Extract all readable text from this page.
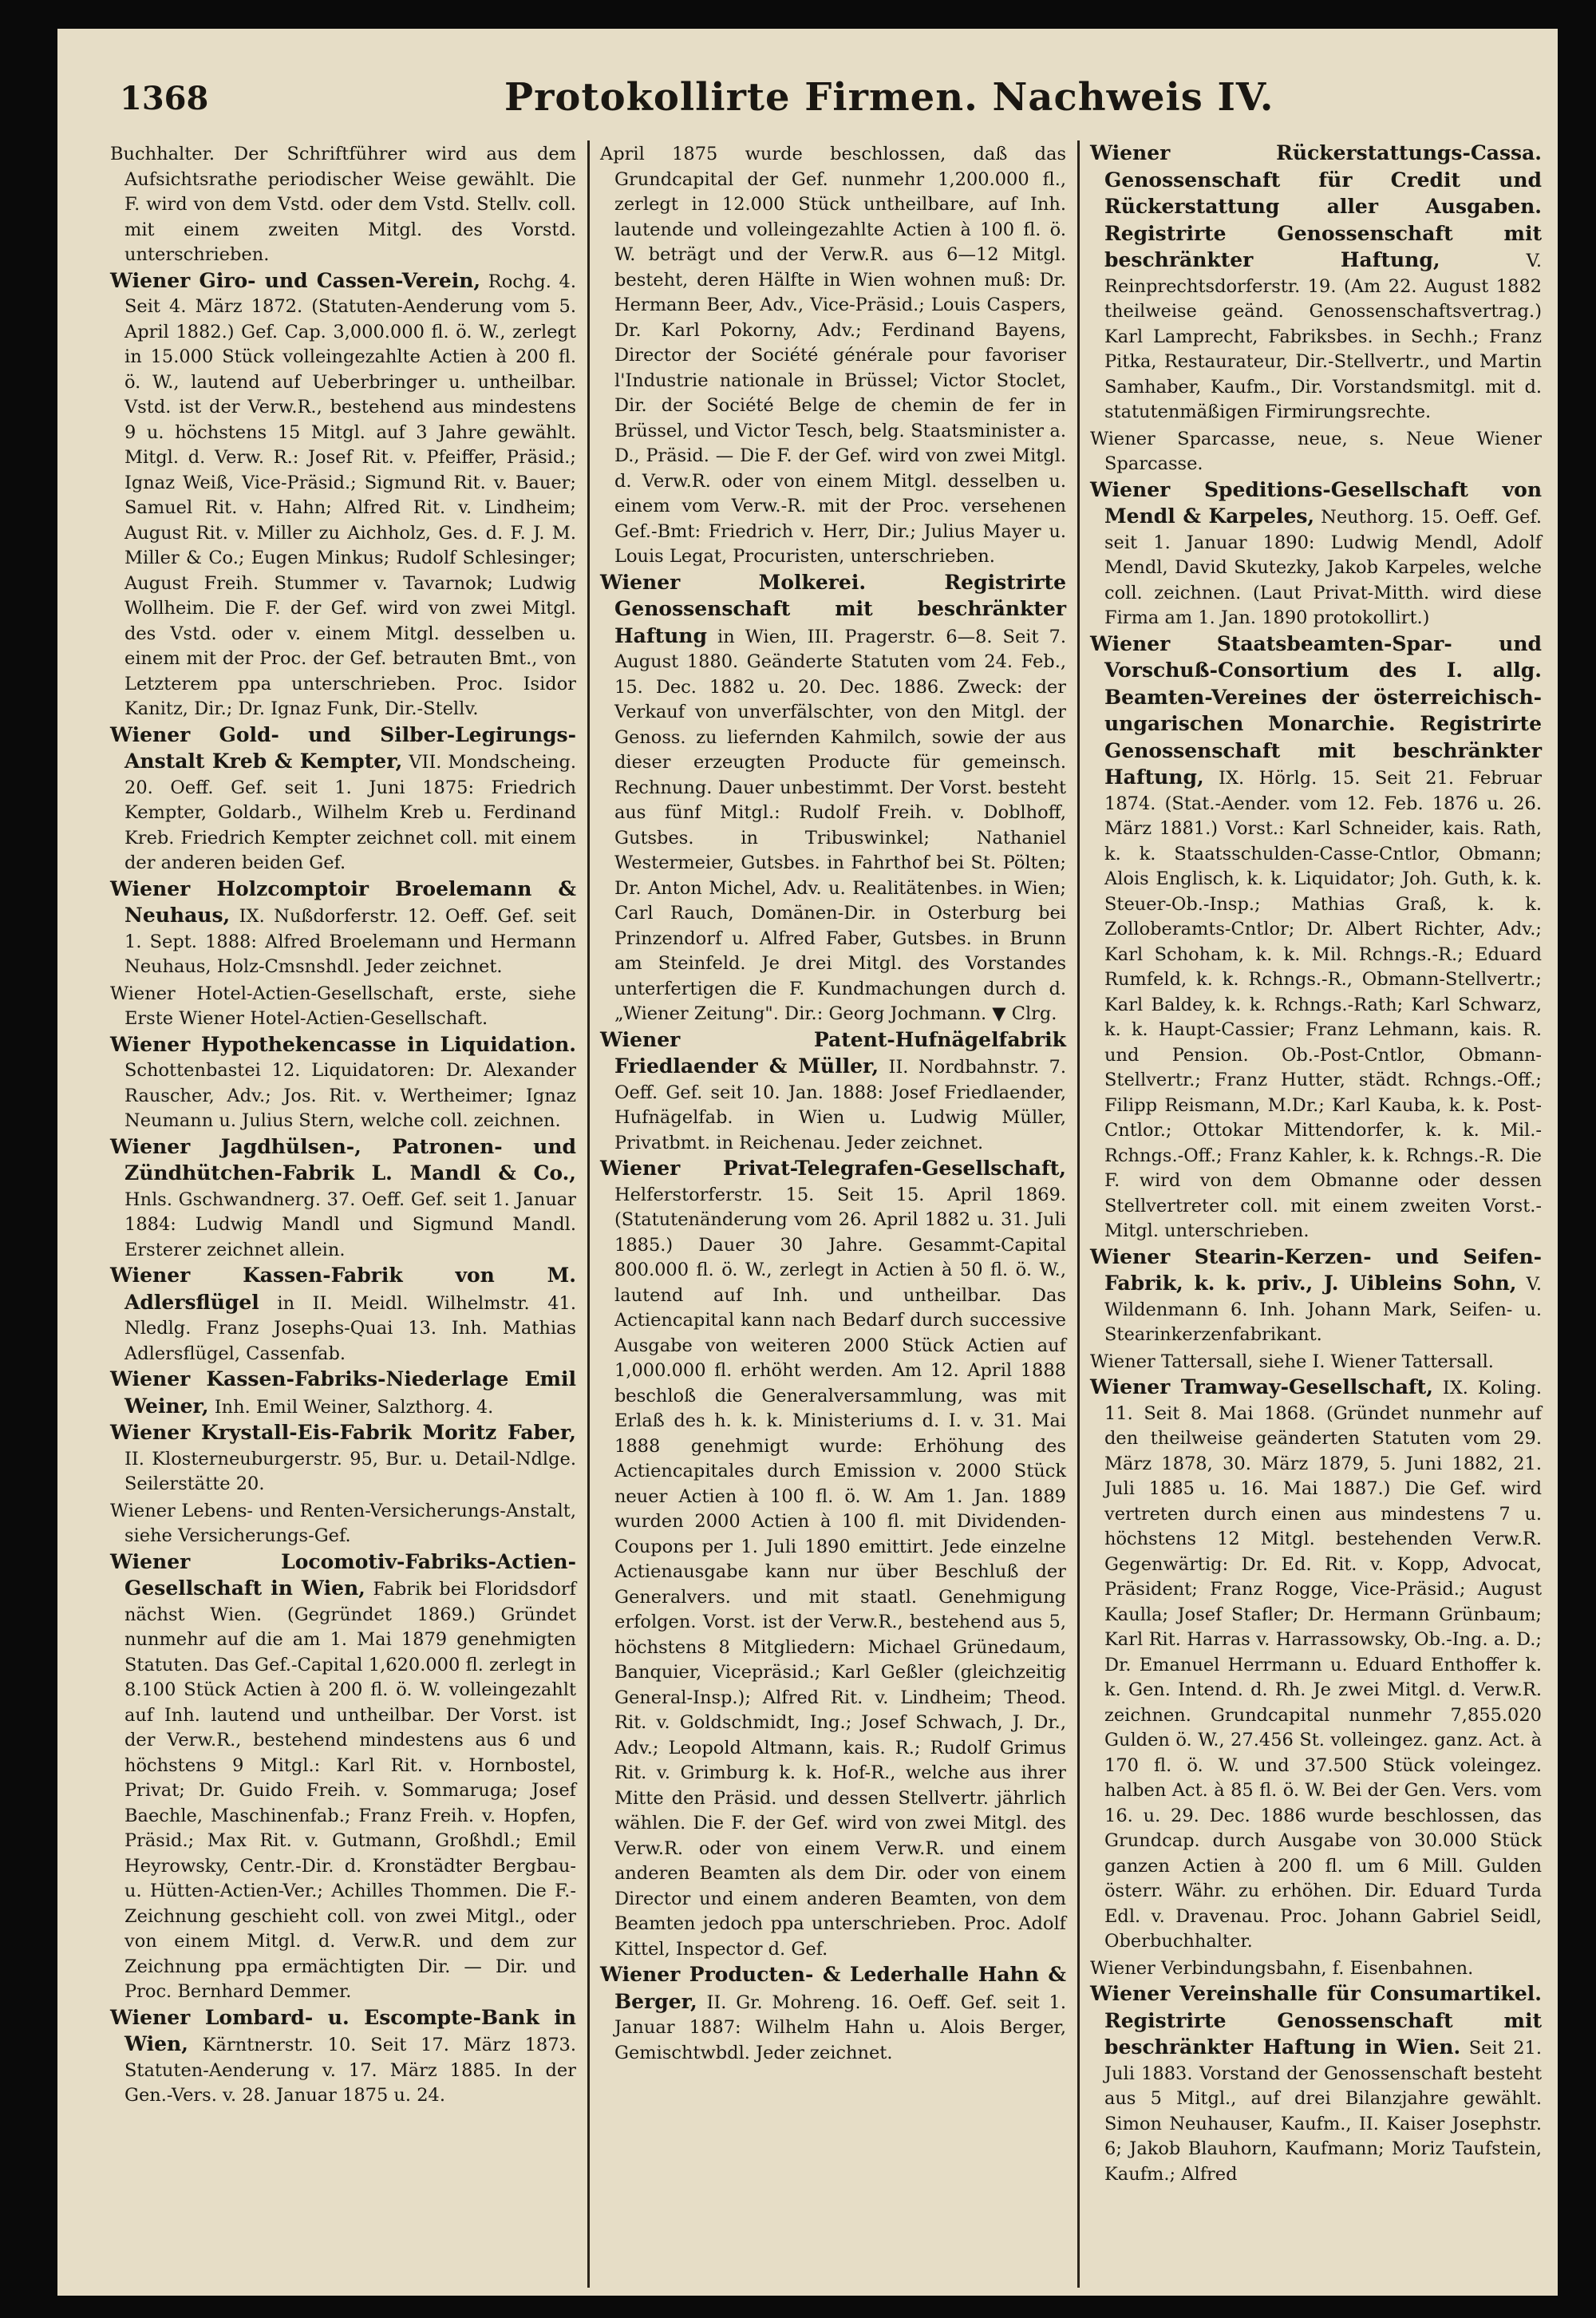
1368	Protokollirte Firmen. Nachweis IV.

Buchhalter. Der Schriftführer wird aus dem Aufsichtsrathe periodischer Weise gewählt. Die F. wird von dem Vstd. oder dem Vstd. Stellv. coll. mit einem zweiten Mitgl. des Vorstd. unterschrieben.

Wiener Giro- und Cassen-Verein, Rochg. 4. Seit 4. März 1872. (Statuten-Aenderung vom 5. April 1882.) Gef. Cap. 3,000.000 fl. ö. W., zerlegt in 15.000 Stück volleingezahlte Actien à 200 fl. ö. W., lautend auf Ueberbringer u. untheilbar. Vstd. ist der Verw.R., bestehend aus mindestens 9 u. höchstens 15 Mitgl. auf 3 Jahre gewählt. Mitgl. d. Verw. R.: Josef Rit. v. Pfeiffer, Präsid.; Ignaz Weiß, Vice-Präsid.; Sigmund Rit. v. Bauer; Samuel Rit. v. Hahn; Alfred Rit. v. Lindheim; August Rit. v. Miller zu Aichholz, Ges. d. F. J. M. Miller & Co.; Eugen Minkus; Rudolf Schlesinger; August Freih. Stummer v. Tavarnok; Ludwig Wollheim. Die F. der Gef. wird von zwei Mitgl. des Vstd. oder v. einem Mitgl. desselben u. einem mit der Proc. der Gef. betrauten Bmt., von Letzterem ppa unterschrieben. Proc. Isidor Kanitz, Dir.; Dr. Ignaz Funk, Dir.-Stellv.

Wiener Gold- und Silber-Legirungs-Anstalt Kreb & Kempter, VII. Mondscheing. 20. Oeff. Gef. seit 1. Juni 1875: Friedrich Kempter, Goldarb., Wilhelm Kreb u. Ferdinand Kreb. Friedrich Kempter zeichnet coll. mit einem der anderen beiden Gef.

Wiener Holzcomptoir Broelemann & Neuhaus, IX. Nußdorferstr. 12. Oeff. Gef. seit 1. Sept. 1888: Alfred Broelemann und Hermann Neuhaus, Holz-Cmsnshdl. Jeder zeichnet.

Wiener Hotel-Actien-Gesellschaft, erste, siehe Erste Wiener Hotel-Actien-Gesellschaft.

Wiener Hypothekencasse in Liquidation. Schottenbastei 12. Liquidatoren: Dr. Alexander Rauscher, Adv.; Jos. Rit. v. Wertheimer; Ignaz Neumann u. Julius Stern, welche coll. zeichnen.

Wiener Jagdhülsen-, Patronen- und Zündhütchen-Fabrik L. Mandl & Co., Hnls. Gschwandnerg. 37. Oeff. Gef. seit 1. Januar 1884: Ludwig Mandl und Sigmund Mandl. Ersterer zeichnet allein.

Wiener Kassen-Fabrik von M. Adlersflügel in II. Meidl. Wilhelmstr. 41. Nledlg. Franz Josephs-Quai 13. Inh. Mathias Adlersflügel, Cassenfab.

Wiener Kassen-Fabriks-Niederlage Emil Weiner, Inh. Emil Weiner, Salzthorg. 4.

Wiener Krystall-Eis-Fabrik Moritz Faber, II. Klosterneuburgerstr. 95, Bur. u. Detail-Ndlge. Seilerstätte 20.

Wiener Lebens- und Renten-Versicherungs-Anstalt, siehe Versicherungs-Gef.

Wiener Locomotiv-Fabriks-Actien-Gesellschaft in Wien, Fabrik bei Floridsdorf nächst Wien. (Gegründet 1869.) Gründet nunmehr auf die am 1. Mai 1879 genehmigten Statuten. Das Gef.-Capital 1,620.000 fl. zerlegt in 8.100 Stück Actien à 200 fl. ö. W. volleingezahlt auf Inh. lautend und untheilbar. Der Vorst. ist der Verw.R., bestehend mindestens aus 6 und höchstens 9 Mitgl.: Karl Rit. v. Hornbostel, Privat; Dr. Guido Freih. v. Sommaruga; Josef Baechle, Maschinenfab.; Franz Freih. v. Hopfen, Präsid.; Max Rit. v. Gutmann, Großhdl.; Emil Heyrowsky, Centr.-Dir. d. Kronstädter Bergbau- u. Hütten-Actien-Ver.; Achilles Thommen. Die F.-Zeichnung geschieht coll. von zwei Mitgl., oder von einem Mitgl. d. Verw.R. und dem zur Zeichnung ppa ermächtigten Dir. — Dir. und Proc. Bernhard Demmer.

Wiener Lombard- u. Escompte-Bank in Wien, Kärntnerstr. 10. Seit 17. März 1873. Statuten-Aenderung v. 17. März 1885. In der Gen.-Vers. v. 28. Januar 1875 u. 24.

April 1875 wurde beschlossen, daß das Grundcapital der Gef. nunmehr 1,200.000 fl., zerlegt in 12.000 Stück untheilbare, auf Inh. lautende und volleingezahlte Actien à 100 fl. ö. W. beträgt und der Verw.R. aus 6—12 Mitgl. besteht, deren Hälfte in Wien wohnen muß: Dr. Hermann Beer, Adv., Vice-Präsid.; Louis Caspers, Dr. Karl Pokorny, Adv.; Ferdinand Bayens, Director der Société générale pour favoriser l'Industrie nationale in Brüssel; Victor Stoclet, Dir. der Société Belge de chemin de fer in Brüssel, und Victor Tesch, belg. Staatsminister a. D., Präsid. — Die F. der Gef. wird von zwei Mitgl. d. Verw.R. oder von einem Mitgl. desselben u. einem vom Verw.-R. mit der Proc. versehenen Gef.-Bmt: Friedrich v. Herr, Dir.; Julius Mayer u. Louis Legat, Procuristen, unterschrieben.

Wiener Molkerei. Registrirte Genossenschaft mit beschränkter Haftung in Wien, III. Pragerstr. 6—8. Seit 7. August 1880. Geänderte Statuten vom 24. Feb., 15. Dec. 1882 u. 20. Dec. 1886. Zweck: der Verkauf von unverfälschter, von den Mitgl. der Genoss. zu liefernden Kahmilch, sowie der aus dieser erzeugten Producte für gemeinsch. Rechnung. Dauer unbestimmt. Der Vorst. besteht aus fünf Mitgl.: Rudolf Freih. v. Doblhoff, Gutsbes. in Tribuswinkel; Nathaniel Westermeier, Gutsbes. in Fahrthof bei St. Pölten; Dr. Anton Michel, Adv. u. Realitätenbes. in Wien; Carl Rauch, Domänen-Dir. in Osterburg bei Prinzendorf u. Alfred Faber, Gutsbes. in Brunn am Steinfeld. Je drei Mitgl. des Vorstandes unterfertigen die F. Kundmachungen durch d. „Wiener Zeitung". Dir.: Georg Jochmann. ▼ Clrg.

Wiener Patent-Hufnägelfabrik Friedlaender & Müller, II. Nordbahnstr. 7. Oeff. Gef. seit 10. Jan. 1888: Josef Friedlaender, Hufnägelfab. in Wien u. Ludwig Müller, Privatbmt. in Reichenau. Jeder zeichnet.

Wiener Privat-Telegrafen-Gesellschaft, Helferstorferstr. 15. Seit 15. April 1869. (Statutenänderung vom 26. April 1882 u. 31. Juli 1885.) Dauer 30 Jahre. Gesammt-Capital 800.000 fl. ö. W., zerlegt in Actien à 50 fl. ö. W., lautend auf Inh. und untheilbar. Das Actiencapital kann nach Bedarf durch successive Ausgabe von weiteren 2000 Stück Actien auf 1,000.000 fl. erhöht werden. Am 12. April 1888 beschloß die Generalversammlung, was mit Erlaß des h. k. k. Ministeriums d. I. v. 31. Mai 1888 genehmigt wurde: Erhöhung des Actiencapitales durch Emission v. 2000 Stück neuer Actien à 100 fl. ö. W. Am 1. Jan. 1889 wurden 2000 Actien à 100 fl. mit Dividenden-Coupons per 1. Juli 1890 emittirt. Jede einzelne Actienausgabe kann nur über Beschluß der Generalvers. und mit staatl. Genehmigung erfolgen. Vorst. ist der Verw.R., bestehend aus 5, höchstens 8 Mitgliedern: Michael Grünedaum, Banquier, Vicepräsid.; Karl Geßler (gleichzeitig General-Insp.); Alfred Rit. v. Lindheim; Theod. Rit. v. Goldschmidt, Ing.; Josef Schwach, J. Dr., Adv.; Leopold Altmann, kais. R.; Rudolf Grimus Rit. v. Grimburg k. k. Hof-R., welche aus ihrer Mitte den Präsid. und dessen Stellvertr. jährlich wählen. Die F. der Gef. wird von zwei Mitgl. des Verw.R. oder von einem Verw.R. und einem anderen Beamten als dem Dir. oder von einem Director und einem anderen Beamten, von dem Beamten jedoch ppa unterschrieben. Proc. Adolf Kittel, Inspector d. Gef.

Wiener Producten- & Lederhalle Hahn & Berger, II. Gr. Mohreng. 16. Oeff. Gef. seit 1. Januar 1887: Wilhelm Hahn u. Alois Berger, Gemischtwbdl. Jeder zeichnet.

Wiener Rückerstattungs-Cassa. Genossenschaft für Credit und Rückerstattung aller Ausgaben. Registrirte Genossenschaft mit beschränkter Haftung,	V. Reinprechtsdorferstr. 19. (Am 22. August 1882 theilweise geänd. Genossenschaftsvertrag.) Karl Lamprecht, Fabriksbes. in Sechh.; Franz Pitka, Restaurateur, Dir.-Stellvertr., und Martin Samhaber, Kaufm., Dir. Vorstandsmitgl. mit d. statutenmäßigen Firmirungsrechte.

Wiener Sparcasse, neue, s. Neue Wiener Sparcasse.

Wiener Speditions-Gesellschaft von Mendl & Karpeles, Neuthorg. 15. Oeff. Gef. seit 1. Januar 1890: Ludwig Mendl, Adolf Mendl, David Skutezky, Jakob Karpeles, welche coll. zeichnen. (Laut Privat-Mitth. wird diese Firma am 1. Jan. 1890 protokollirt.)

Wiener Staatsbeamten-Spar- und Vorschuß-Consortium des I. allg. Beamten-Vereines der österreichisch-ungarischen Monarchie. Registrirte Genossenschaft mit beschränkter Haftung, IX. Hörlg. 15. Seit 21. Februar 1874. (Stat.-Aender. vom 12. Feb. 1876 u. 26. März 1881.) Vorst.: Karl Schneider, kais. Rath, k. k. Staatsschulden-Casse-Cntlor, Obmann; Alois Englisch, k. k. Liquidator; Joh. Guth, k. k. Steuer-Ob.-Insp.; Mathias Graß, k. k. Zolloberamts-Cntlor; Dr. Albert Richter, Adv.; Karl Schoham, k. k. Mil. Rchngs.-R.; Eduard Rumfeld, k. k. Rchngs.-R., Obmann-Stellvertr.; Karl Baldey, k. k. Rchngs.-Rath; Karl Schwarz, k. k. Haupt-Cassier; Franz Lehmann, kais. R. und Pension. Ob.-Post-Cntlor, Obmann-Stellvertr.; Franz Hutter, städt. Rchngs.-Off.; Filipp Reismann, M.Dr.; Karl Kauba, k. k. Post-Cntlor.; Ottokar Mittendorfer, k. k. Mil.-Rchngs.-Off.; Franz Kahler, k. k. Rchngs.-R. Die F. wird von dem Obmanne oder dessen Stellvertreter coll. mit einem zweiten Vorst.-Mitgl. unterschrieben.

Wiener Stearin-Kerzen- und Seifen-Fabrik, k. k. priv., J. Uibleins Sohn, V. Wildenmann 6. Inh. Johann Mark, Seifen- u. Stearinkerzenfabrikant.

Wiener Tattersall, siehe I. Wiener Tattersall.

Wiener Tramway-Gesellschaft, IX. Koling. 11. Seit 8. Mai 1868. (Gründet nunmehr auf den theilweise geänderten Statuten vom 29. März 1878, 30. März 1879, 5. Juni 1882, 21. Juli 1885 u. 16. Mai 1887.) Die Gef. wird vertreten durch einen aus mindestens 7 u. höchstens 12 Mitgl. bestehenden Verw.R. Gegenwärtig: Dr. Ed. Rit. v. Kopp, Advocat, Präsident; Franz Rogge, Vice-Präsid.; August Kaulla; Josef Stafler; Dr. Hermann Grünbaum; Karl Rit. Harras v. Harrassowsky, Ob.-Ing. a. D.; Dr. Emanuel Herrmann u. Eduard Enthoffer k. k. Gen. Intend. d. Rh. Je zwei Mitgl. d. Verw.R. zeichnen. Grundcapital nunmehr 7,855.020 Gulden ö. W., 27.456 St. volleingez. ganz. Act. à 170 fl. ö. W. und 37.500 Stück voleingez. halben Act. à 85 fl. ö. W. Bei der Gen. Vers. vom 16. u. 29. Dec. 1886 wurde beschlossen, das Grundcap. durch Ausgabe von 30.000 Stück ganzen Actien à 200 fl. um 6 Mill. Gulden österr. Währ. zu erhöhen. Dir. Eduard Turda Edl. v. Dravenau. Proc. Johann Gabriel Seidl, Oberbuchhalter.

Wiener Verbindungsbahn, f. Eisenbahnen.

Wiener Vereinshalle für Consumartikel. Registrirte Genossenschaft mit beschränkter Haftung in Wien. Seit 21. Juli 1883. Vorstand der Genossenschaft besteht aus 5 Mitgl., auf drei Bilanzjahre gewählt. Simon Neuhauser, Kaufm., II. Kaiser Josephstr. 6; Jakob Blauhorn, Kaufmann; Moriz Taufstein, Kaufm.; Alfred
